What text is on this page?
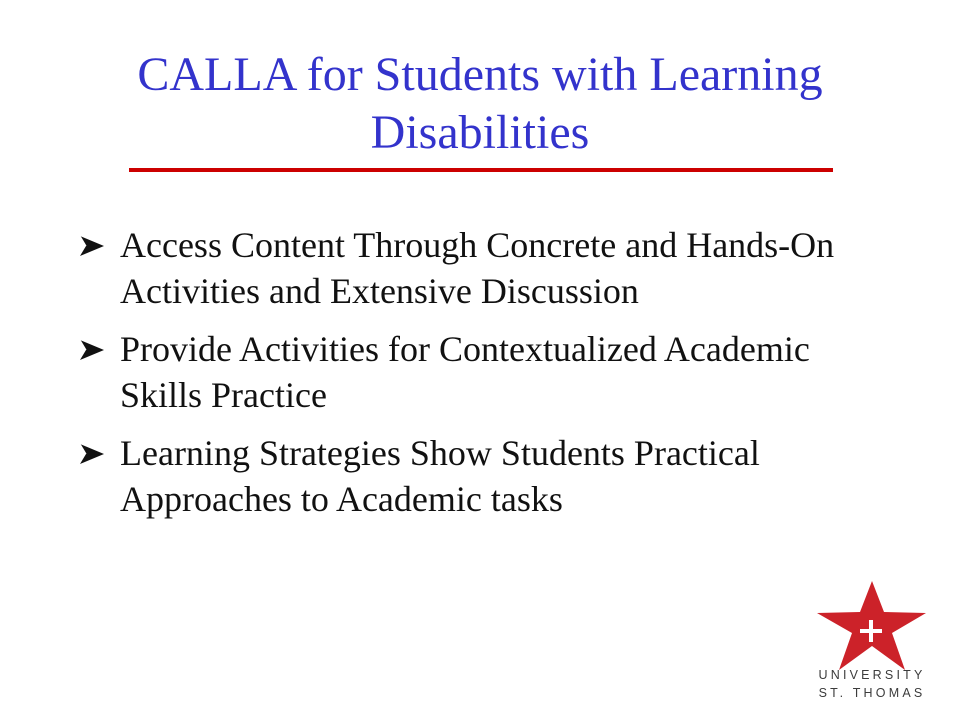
CALLA for Students with Learning Disabilities
Access Content Through Concrete and Hands-On Activities and Extensive Discussion
Provide Activities for Contextualized Academic Skills Practice
Learning Strategies Show Students Practical Approaches to Academic tasks
UNIVERSITY
ST. THOMAS
